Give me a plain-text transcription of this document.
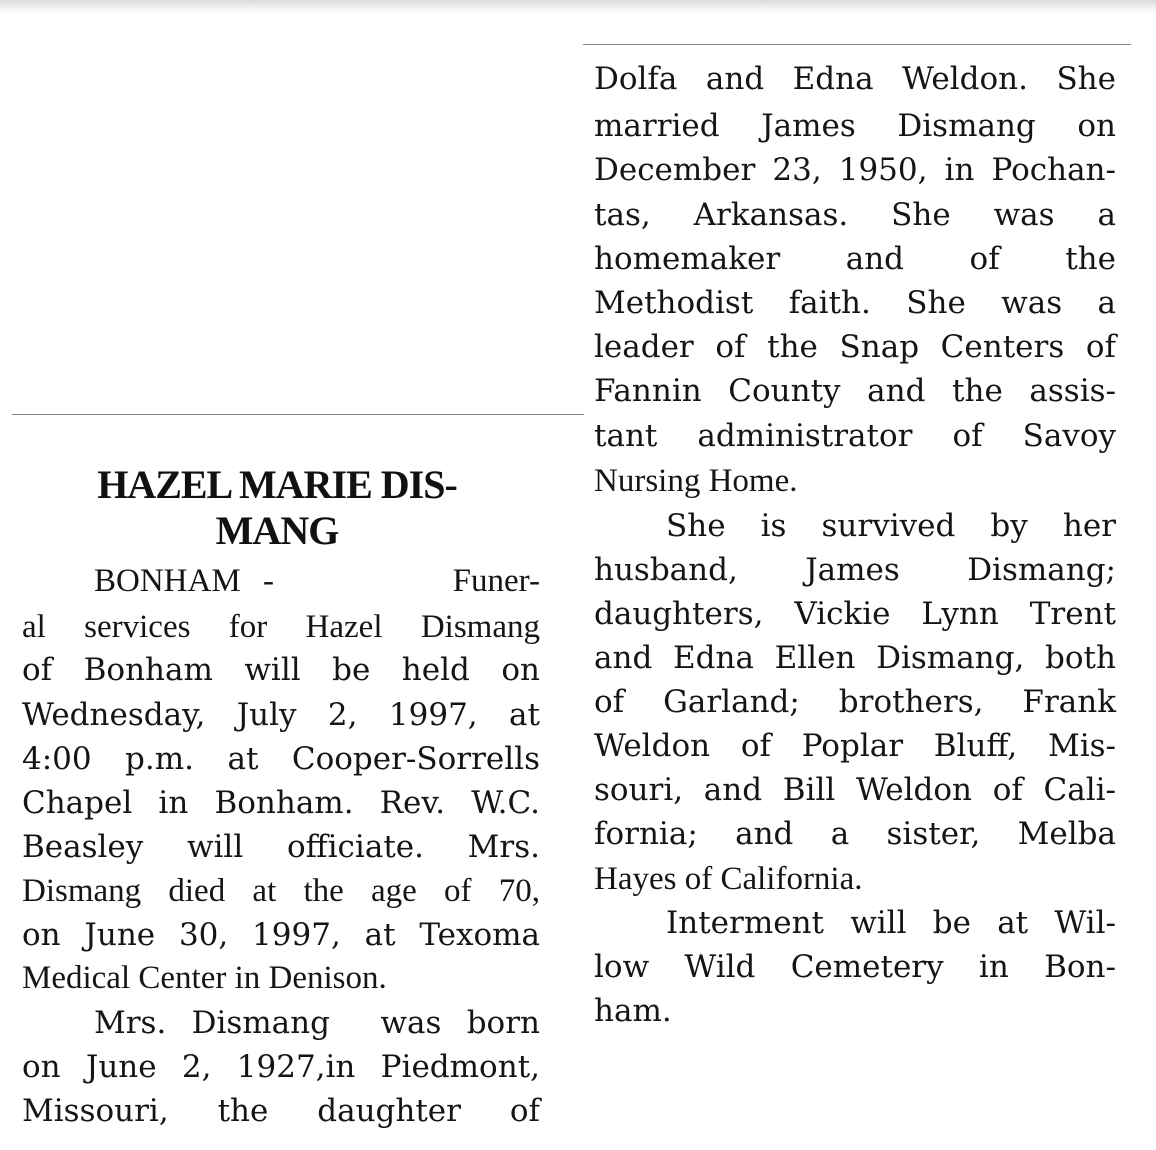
HAZEL MARIE DIS-
MANG
BONHAM -        Funer-
al services for Hazel Dismang
of Bonham will be held on
Wednesday, July 2, 1997, at
4:00 p.m. at Cooper-Sorrells
Chapel in Bonham. Rev. W.C.
Beasley will officiate. Mrs.
Dismang died at the age of 70,
on June 30, 1997, at Texoma
Medical Center in Denison.
Mrs. Dismang  was born
on June 2, 1927,in Piedmont,
Missouri, the daughter of
Dolfa and Edna Weldon. She
married James Dismang on
December 23, 1950, in Pochan-
tas, Arkansas. She was a
homemaker and of the
Methodist faith. She was a
leader of the Snap Centers of
Fannin County and the assis-
tant administrator of Savoy
Nursing Home.
She is survived by her
husband, James Dismang;
daughters, Vickie Lynn Trent
and Edna Ellen Dismang, both
of Garland; brothers, Frank
Weldon of Poplar Bluff, Mis-
souri, and Bill Weldon of Cali-
fornia; and a sister, Melba
Hayes of California.
Interment will be at Wil-
low Wild Cemetery in Bon-
ham.
